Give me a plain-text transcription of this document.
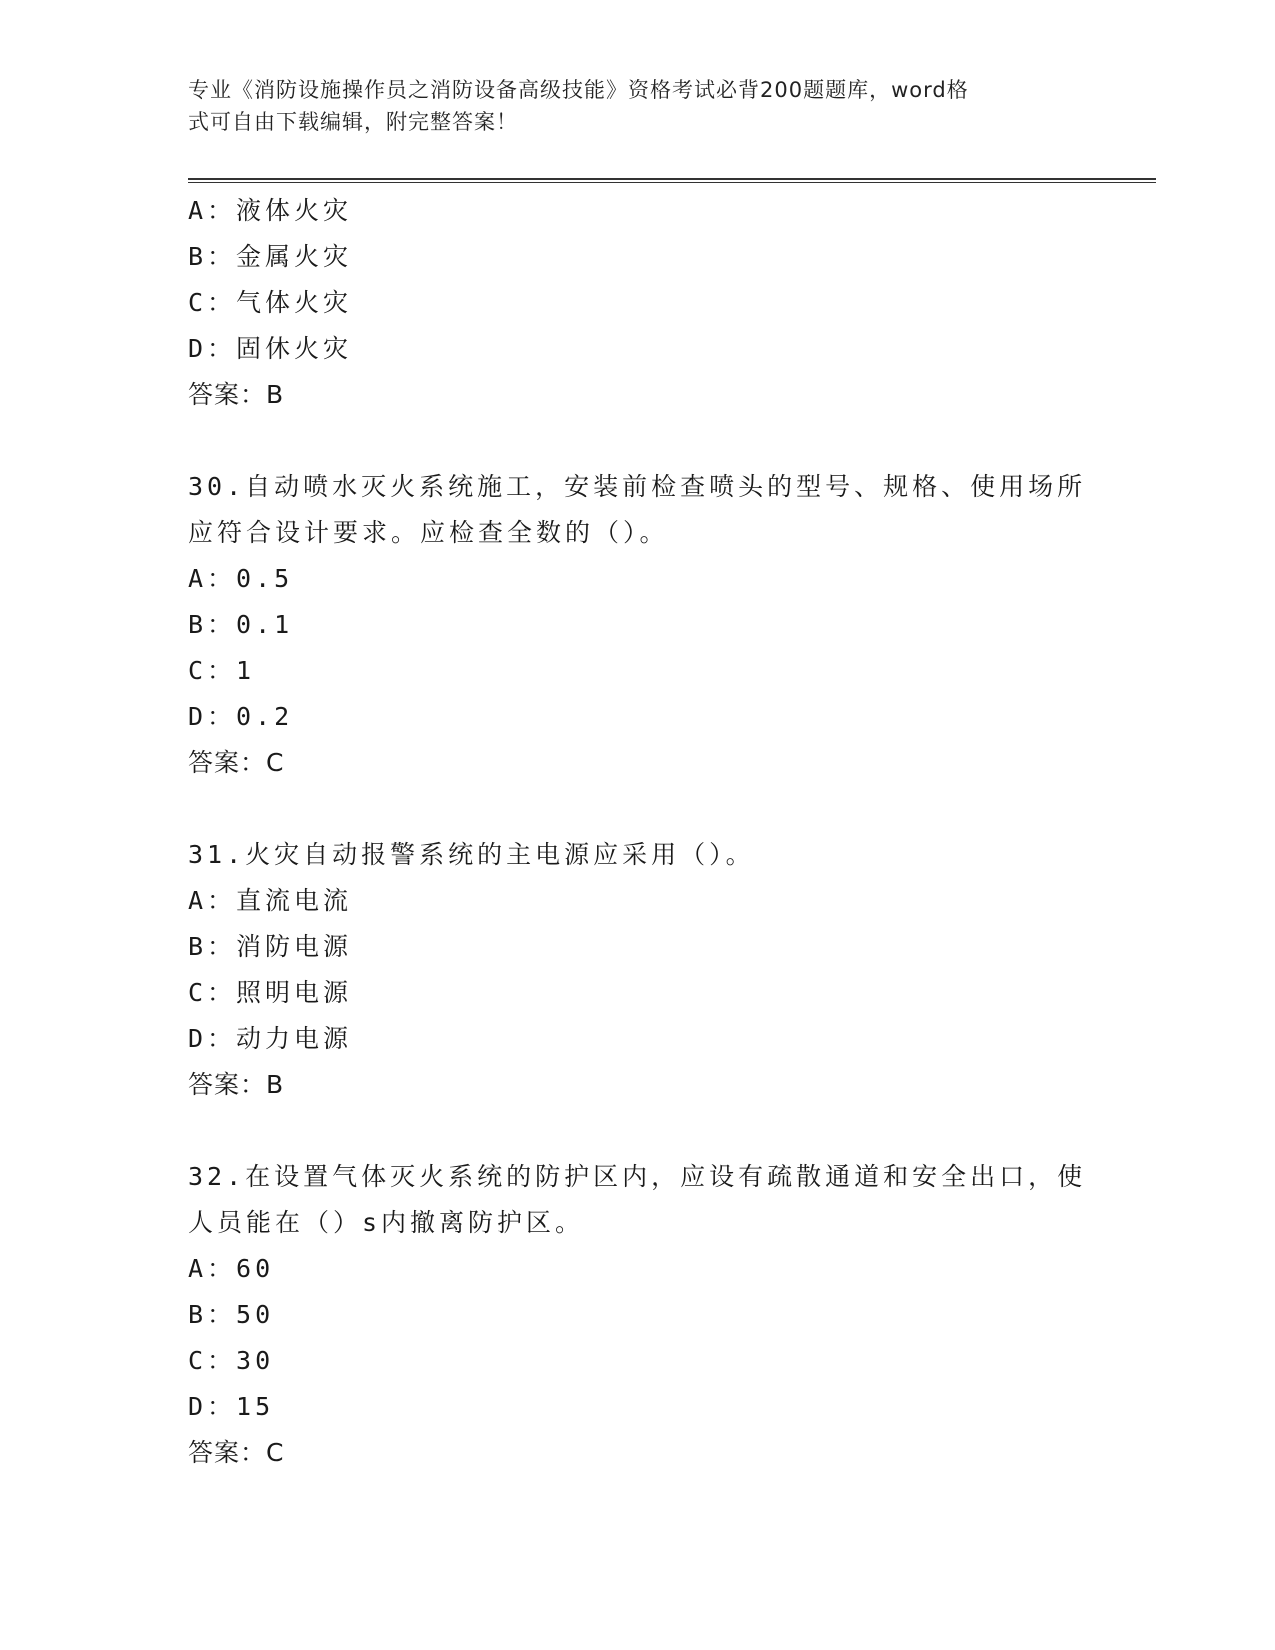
专业《消防设施操作员之消防设备高级技能》资格考试必背200题题库，word格
式可自由下载编辑，附完整答案！
A：液体火灾
B：金属火灾
C：气体火灾
D：固休火灾
答案：B
30.自动喷水灭火系统施工，安装前检查喷头的型号、规格、使用场所
应符合设计要求。应检查全数的（）。
A：0.5
B：0.1
C：1
D：0.2
答案：C
31.火灾自动报警系统的主电源应采用（）。
A：直流电流
B：消防电源
C：照明电源
D：动力电源
答案：B
32.在设置气体灭火系统的防护区内，应设有疏散通道和安全出口，使
人员能在（）s内撤离防护区。
A：60
B：50
C：30
D：15
答案：C
